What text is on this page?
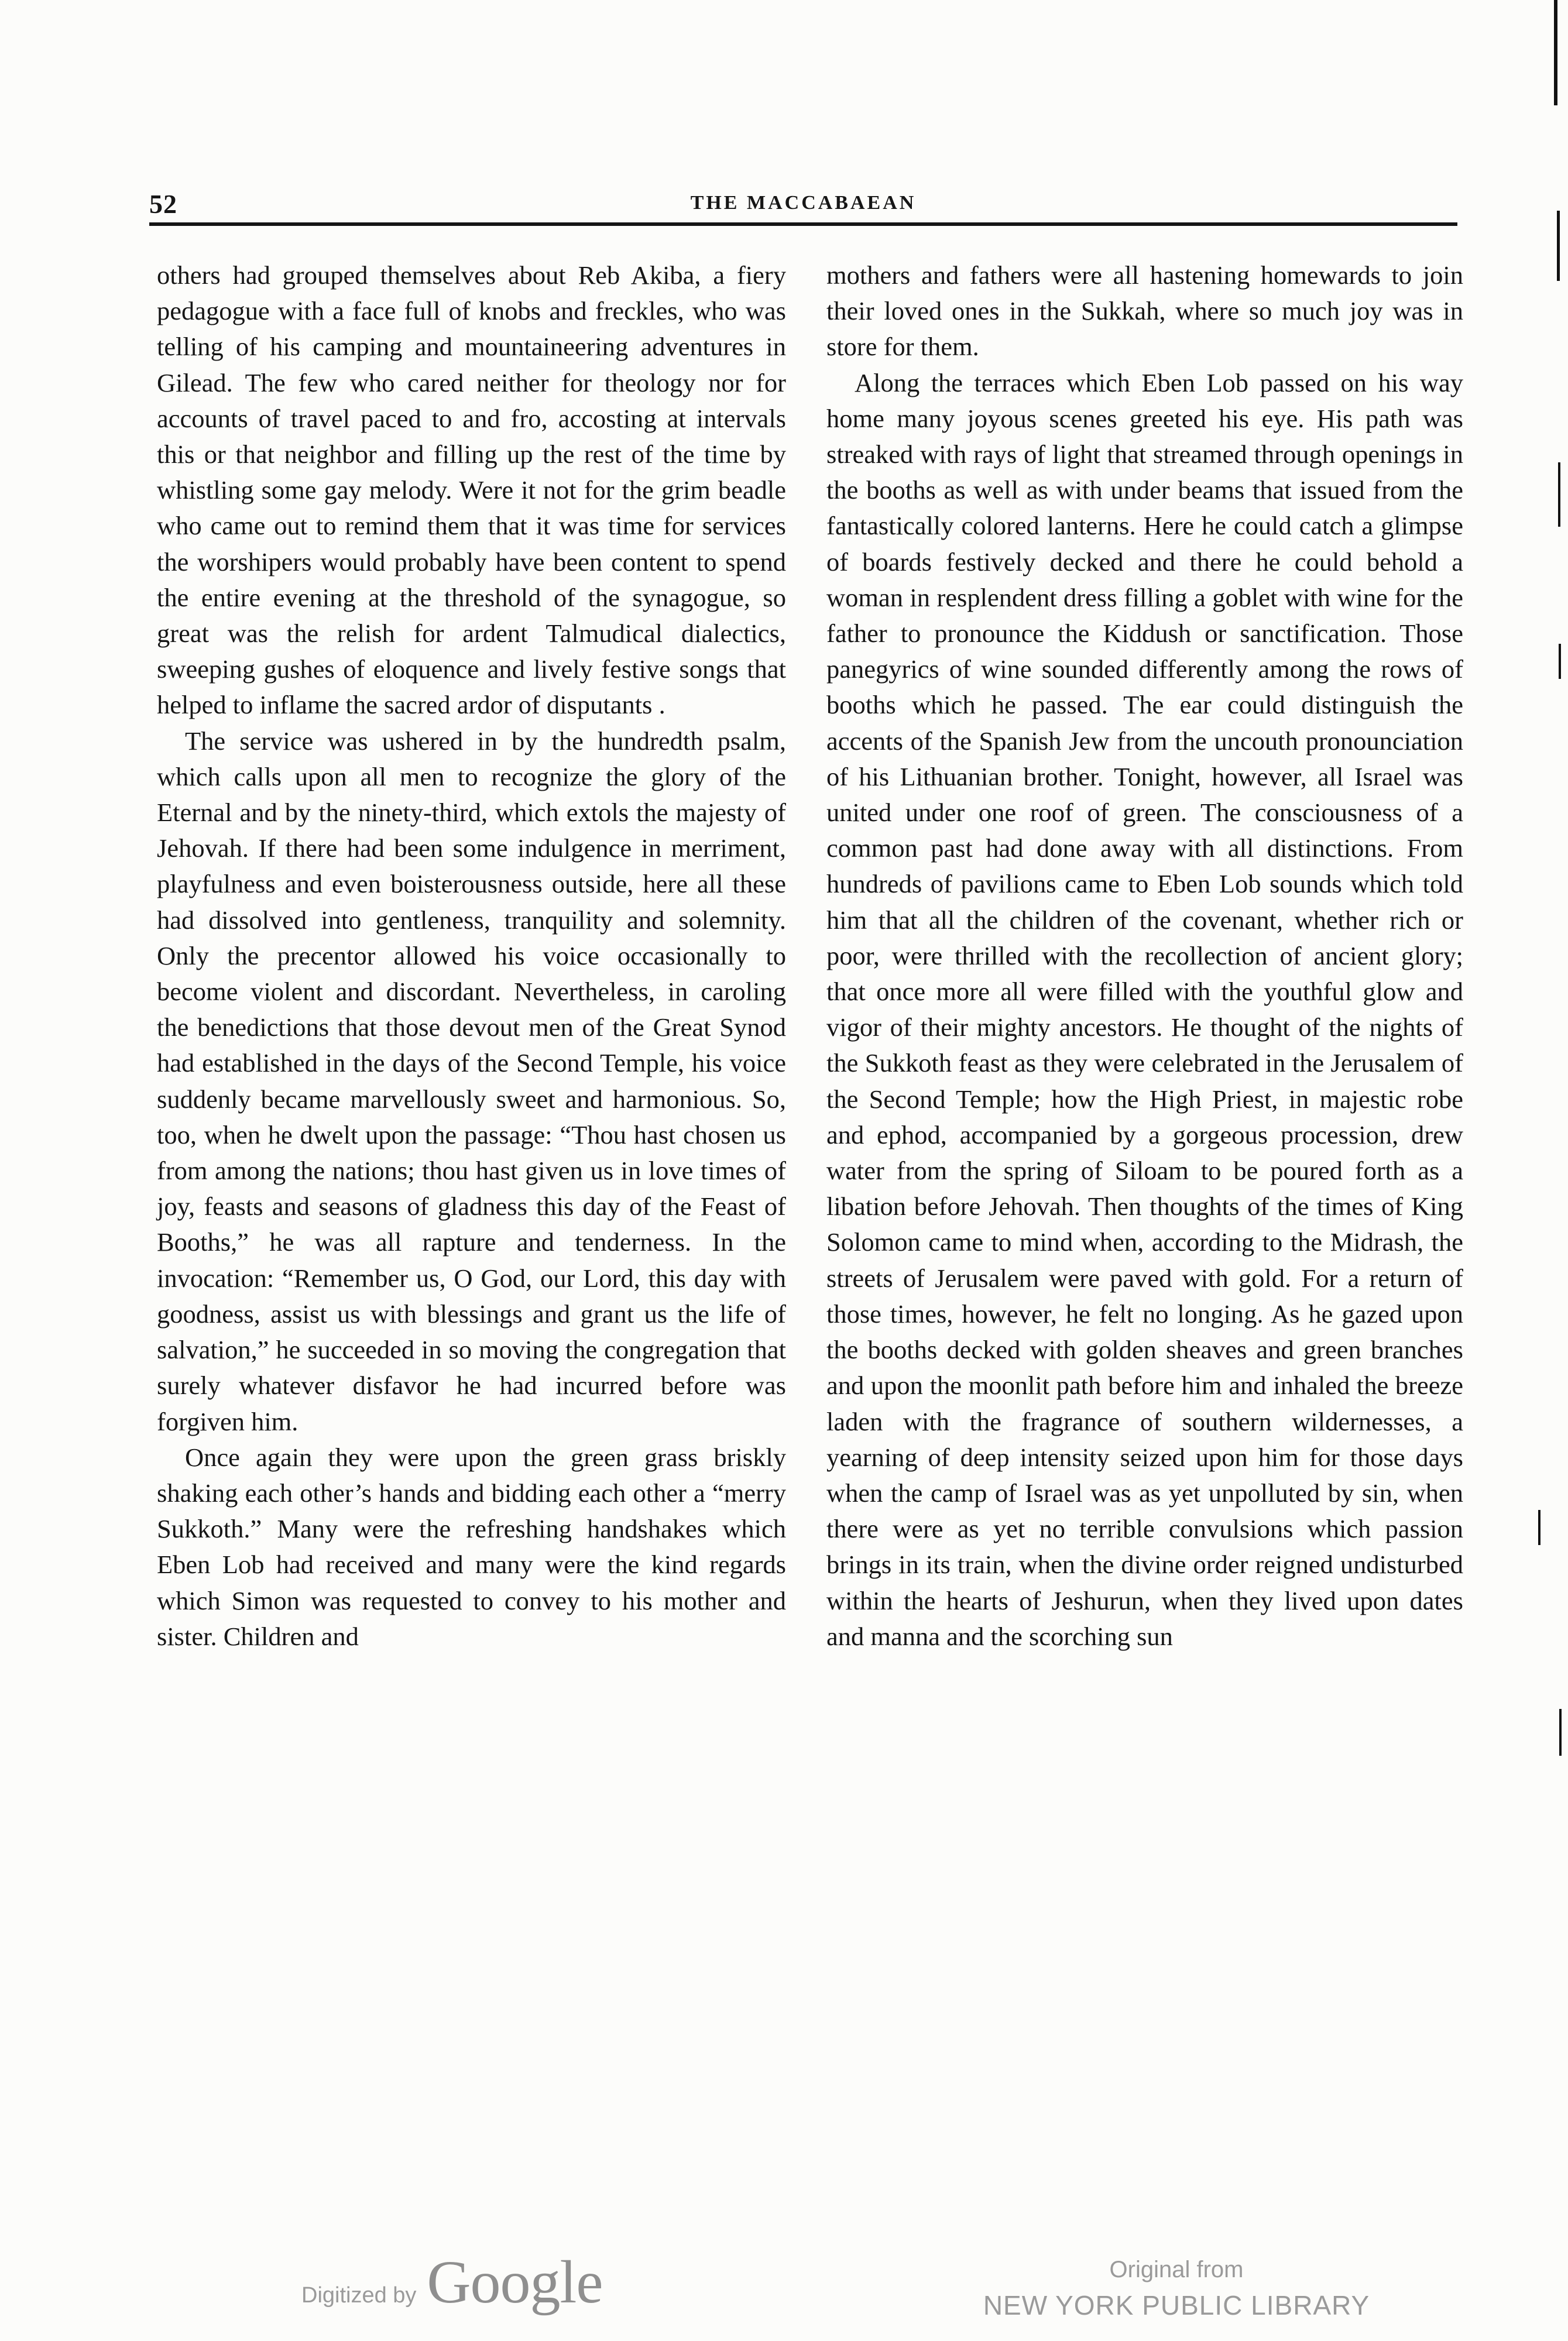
52	THE MACCABAEAN

others had grouped themselves about Reb Akiba, a fiery pedagogue with a face full of knobs and freckles, who was telling of his camping and mountaineering adventures in Gilead. The few who cared neither for theology nor for accounts of travel paced to and fro, accosting at intervals this or that neighbor and filling up the rest of the time by whistling some gay melody. Were it not for the grim beadle who came out to remind them that it was time for services the worshipers would probably have been content to spend the entire evening at the threshold of the synagogue, so great was the relish for ardent Talmudical dialectics, sweeping gushes of eloquence and lively festive songs that helped to inflame the sacred ardor of disputants .

The service was ushered in by the hundredth psalm, which calls upon all men to recognize the glory of the Eternal and by the ninety-third, which extols the majesty of Jehovah. If there had been some indulgence in merriment, playfulness and even boisterousness outside, here all these had dissolved into gentleness, tranquility and solemnity. Only the precentor allowed his voice occasionally to become violent and discordant. Nevertheless, in caroling the benedictions that those devout men of the Great Synod had established in the days of the Second Temple, his voice suddenly became marvellously sweet and harmonious. So, too, when he dwelt upon the passage: “Thou hast chosen us from among the nations; thou hast given us in love times of joy, feasts and seasons of gladness this day of the Feast of Booths,” he was all rapture and tenderness. In the invocation: “Remember us, O God, our Lord, this day with goodness, assist us with blessings and grant us the life of salvation,” he succeeded in so moving the congregation that surely whatever disfavor he had incurred before was forgiven him.

Once again they were upon the green grass briskly shaking each other’s hands and bidding each other a “merry Sukkoth.” Many were the refreshing handshakes which Eben Lob had received and many were the kind regards which Simon was requested to convey to his mother and sister. Children and

mothers and fathers were all hastening homewards to join their loved ones in the Sukkah, where so much joy was in store for them.

Along the terraces which Eben Lob passed on his way home many joyous scenes greeted his eye. His path was streaked with rays of light that streamed through openings in the booths as well as with under beams that issued from the fantastically colored lanterns. Here he could catch a glimpse of boards festively decked and there he could behold a woman in resplendent dress filling a goblet with wine for the father to pronounce the Kiddush or sanctification. Those panegyrics of wine sounded differently among the rows of booths which he passed. The ear could distinguish the accents of the Spanish Jew from the uncouth pronounciation of his Lithuanian brother. Tonight, however, all Israel was united under one roof of green. The consciousness of a common past had done away with all distinctions. From hundreds of pavilions came to Eben Lob sounds which told him that all the children of the covenant, whether rich or poor, were thrilled with the recollection of ancient glory; that once more all were filled with the youthful glow and vigor of their mighty ancestors. He thought of the nights of the Sukkoth feast as they were celebrated in the Jerusalem of the Second Temple; how the High Priest, in majestic robe and ephod, accompanied by a gorgeous procession, drew water from the spring of Siloam to be poured forth as a libation before Jehovah. Then thoughts of the times of King Solomon came to mind when, according to the Midrash, the streets of Jerusalem were paved with gold. For a return of those times, however, he felt no longing. As he gazed upon the booths decked with golden sheaves and green branches and upon the moonlit path before him and inhaled the breeze laden with the fragrance of southern wildernesses, a yearning of deep intensity seized upon him for those days when the camp of Israel was as yet unpolluted by sin, when there were as yet no terrible convulsions which passion brings in its train, when the divine order reigned undisturbed within the hearts of Jeshurun, when they lived upon dates and manna and the scorching sun

Digitized by Google	Original from
NEW YORK PUBLIC LIBRARY
